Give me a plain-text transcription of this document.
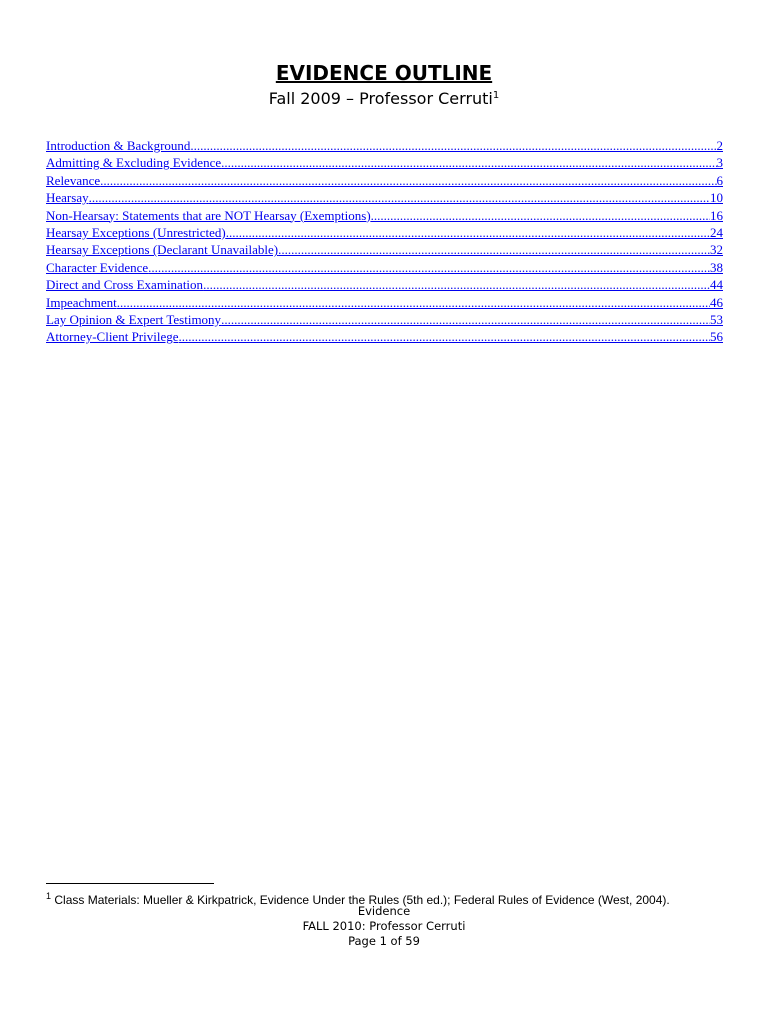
EVIDENCE OUTLINE
Fall 2009 – Professor Cerruti$^1$
Introduction & Background .....	2
Admitting & Excluding Evidence .....	3
Relevance .....	6
Hearsay .....	10
Non-Hearsay: Statements that are NOT Hearsay (Exemptions) .....	16
Hearsay Exceptions (Unrestricted) .....	24
Hearsay Exceptions (Declarant Unavailable) .....	32
Character Evidence .....	38
Direct and Cross Examination .....	44
Impeachment .....	46
Lay Opinion & Expert Testimony .....	53
Attorney-Client Privilege .....	56
$^1$ Class Materials: Mueller & Kirkpatrick, Evidence Under the Rules (5th ed.); Federal Rules of Evidence (West, 2004).
Evidence
FALL 2010: Professor Cerruti
Page 1 of 59
